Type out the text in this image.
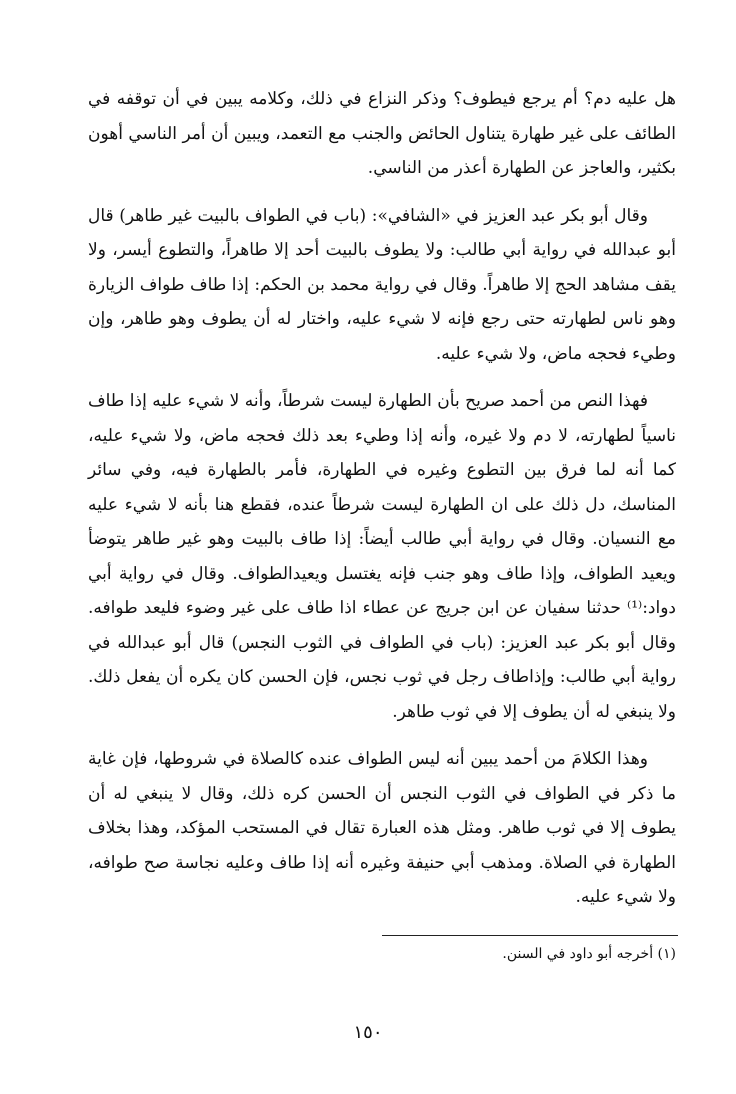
هل عليه دم؟ أم يرجع فيطوف؟ وذكر النزاع في ذلك، وكلامه يبين في أن توقفه في الطائف على غير طهارة يتناول الحائض والجنب مع التعمد، ويبين أن أمر الناسي أهون بكثير، والعاجز عن الطهارة أعذر من الناسي.

وقال أبو بكر عبد العزيز في «الشافي»: (باب في الطواف بالبيت غير طاهر) قال أبو عبدالله في رواية أبي طالب: ولا يطوف بالبيت أحد إلا طاهراً، والتطوع أيسر، ولا يقف مشاهد الحج إلا طاهراً. وقال في رواية محمد بن الحكم: إذا طاف طواف الزيارة وهو ناس لطهارته حتى رجع فإنه لا شيء عليه، واختار له أن يطوف وهو طاهر، وإن وطيء فحجه ماض، ولا شيء عليه.

فهذا النص من أحمد صريح بأن الطهارة ليست شرطاً، وأنه لا شيء عليه إذا طاف ناسياً لطهارته، لا دم ولا غيره، وأنه إذا وطيء بعد ذلك فحجه ماض، ولا شيء عليه، كما أنه لما فرق بين التطوع وغيره في الطهارة، فأمر بالطهارة فيه، وفي سائر المناسك، دل ذلك على ان الطهارة ليست شرطاً عنده، فقطع هنا بأنه لا شيء عليه مع النسيان. وقال في رواية أبي طالب أيضاً: إذا طاف بالبيت وهو غير طاهر يتوضأ ويعيد الطواف، وإذا طاف وهو جنب فإنه يغتسل ويعيدالطواف. وقال في رواية أبي دواد:⁽¹⁾ حدثنا سفيان عن ابن جريج عن عطاء اذا طاف على غير وضوء فليعد طوافه. وقال أبو بكر عبد العزيز: (باب في الطواف في الثوب النجس) قال أبو عبدالله في رواية أبي طالب: وإذاطاف رجل في ثوب نجس، فإن الحسن كان يكره أن يفعل ذلك. ولا ينبغي له أن يطوف إلا في ثوب طاهر.

وهذا الكلامَ من أحمد يبين أنه ليس الطواف عنده كالصلاة في شروطها، فإن غاية ما ذكر في الطواف في الثوب النجس أن الحسن كره ذلك، وقال لا ينبغي له أن يطوف إلا في ثوب طاهر. ومثل هذه العبارة تقال في المستحب المؤكد، وهذا بخلاف الطهارة في الصلاة. ومذهب أبي حنيفة وغيره أنه إذا طاف وعليه نجاسة صح طوافه، ولا شيء عليه.

(١) أخرجه أبو داود في السنن.
١٥٠
